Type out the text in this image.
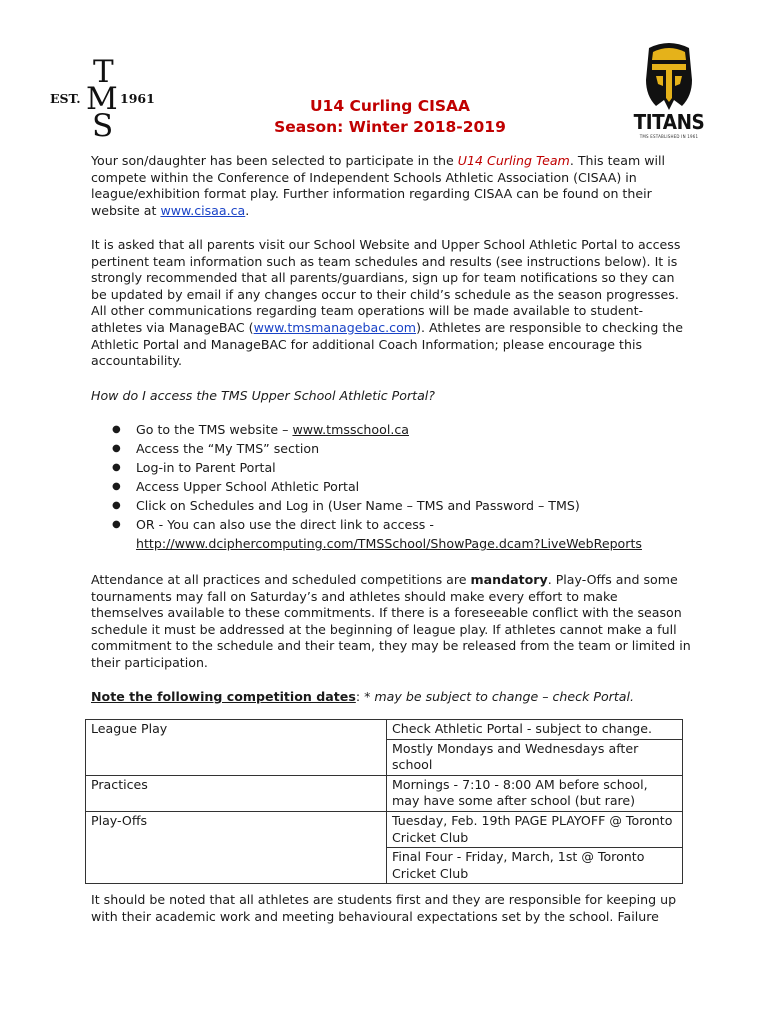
T
M
S
EST.	1961
TITANS
TMS ESTABLISHED IN 1961
U14 Curling CISAA
Season: Winter 2018-2019

Your son/daughter has been selected to participate in the U14 Curling Team. This team will compete within the Conference of Independent Schools Athletic Association (CISAA) in league/exhibition format play. Further information regarding CISAA can be found on their website at www.cisaa.ca.

It is asked that all parents visit our School Website and Upper School Athletic Portal to access pertinent team information such as team schedules and results (see instructions below). It is strongly recommended that all parents/guardians, sign up for team notifications so they can be updated by email if any changes occur to their child’s schedule as the season progresses. All other communications regarding team operations will be made available to student-athletes via ManageBAC (www.tmsmanagebac.com). Athletes are responsible to checking the Athletic Portal and ManageBAC for additional Coach Information; please encourage this accountability.

How do I access the TMS Upper School Athletic Portal?
● Go to the TMS website – www.tmsschool.ca
● Access the “My TMS” section
● Log-in to Parent Portal
● Access Upper School Athletic Portal
● Click on Schedules and Log in (User Name – TMS and Password – TMS)
● OR - You can also use the direct link to access -
http://www.dciphercomputing.com/TMSSchool/ShowPage.dcam?LiveWebReports

Attendance at all practices and scheduled competitions are mandatory. Play-Offs and some tournaments may fall on Saturday’s and athletes should make every effort to make themselves available to these commitments. If there is a foreseeable conflict with the season schedule it must be addressed at the beginning of league play. If athletes cannot make a full commitment to the schedule and their team, they may be released from the team or limited in their participation.

Note the following competition dates: * may be subject to change – check Portal.
League Play	Check Athletic Portal - subject to change.
	Mostly Mondays and Wednesdays after school
Practices	Mornings - 7:10 - 8:00 AM before school, may have some after school (but rare)
Play-Offs	Tuesday, Feb. 19th PAGE PLAYOFF @ Toronto Cricket Club
	Final Four - Friday, March, 1st @ Toronto Cricket Club
It should be noted that all athletes are students first and they are responsible for keeping up with their academic work and meeting behavioural expectations set by the school. Failure
